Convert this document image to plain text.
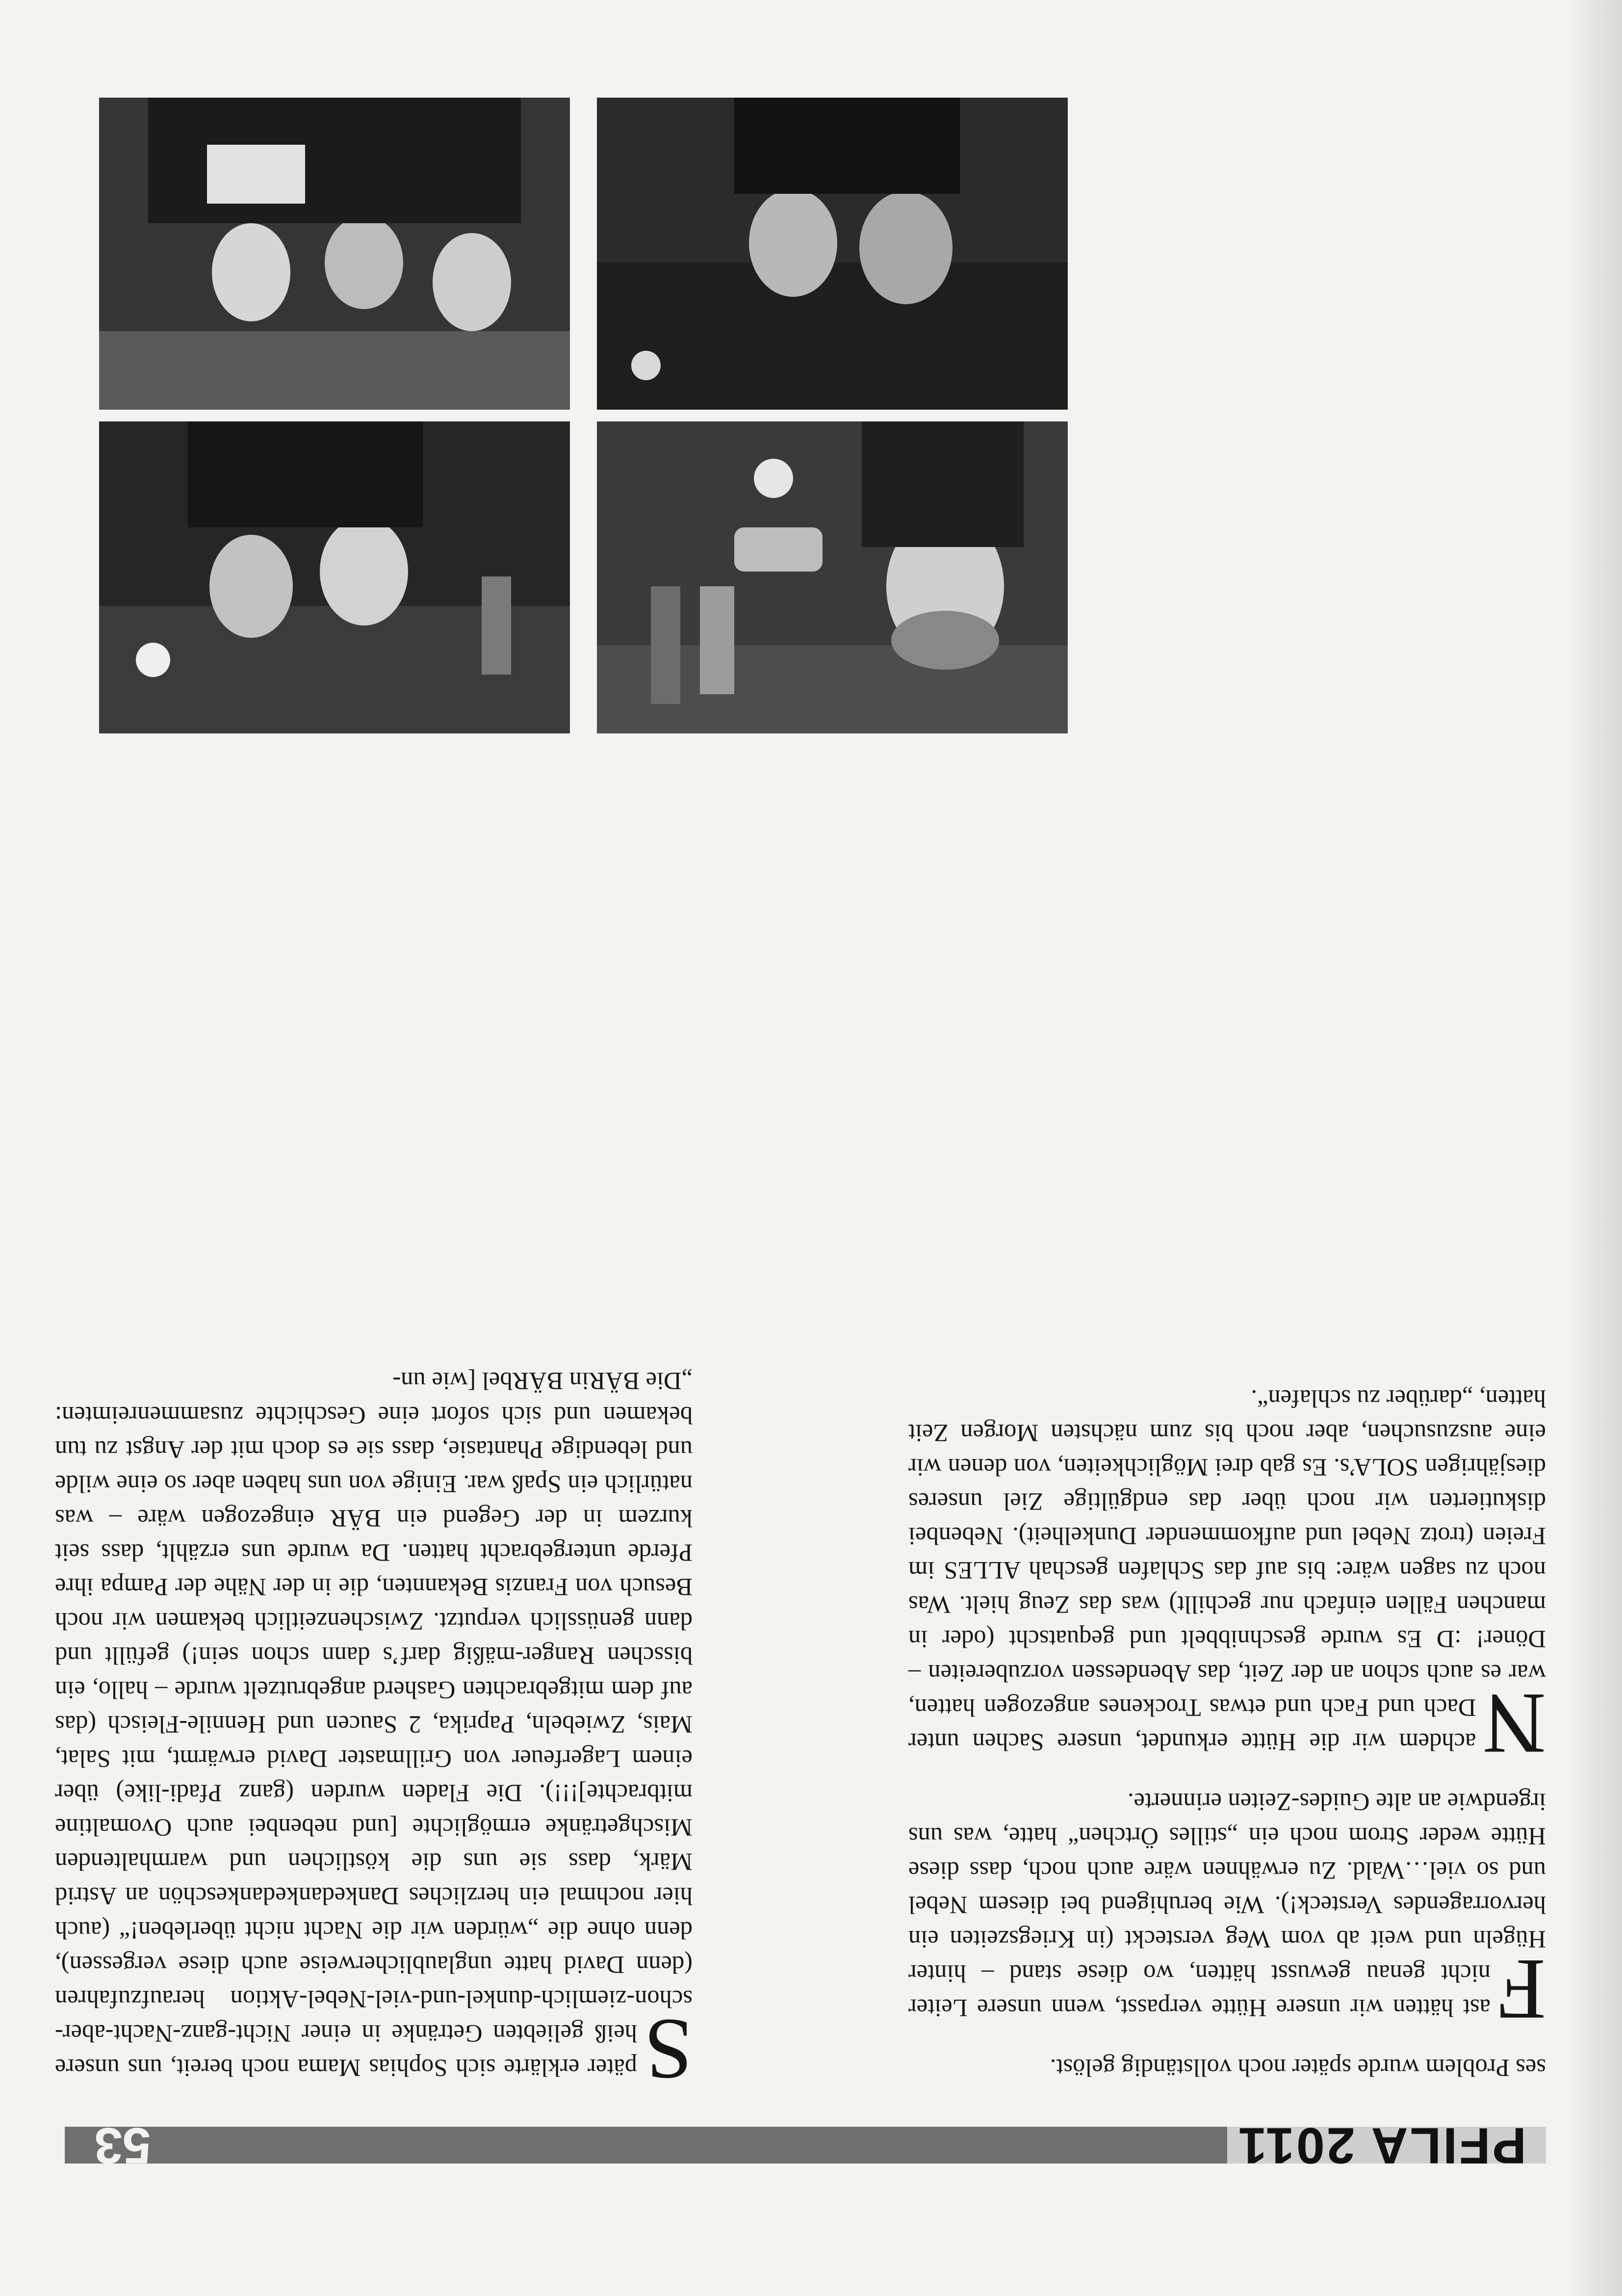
PFILA 2011
53

ses Problem wurde später noch vollständig gelöst.

F
ast hätten wir unsere Hütte verpasst, wenn unsere Leiter nicht genau gewusst hätten, wo diese stand – hinter Hügeln und weit ab vom Weg versteckt (in Kriegszeiten ein hervorragendes Versteck!). Wie beruhigend bei diesem Nebel und so viel…Wald. Zu erwähnen wäre auch noch, dass diese Hütte weder Strom noch ein „stilles Örtchen“ hatte, was uns irgendwie an alte Guides-Zeiten erinnerte.

N
achdem wir die Hütte erkundet, unsere Sachen unter Dach und Fach und etwas Trockenes angezogen hatten, war es auch schon an der Zeit, das Abendessen vorzubereiten – Döner! :D Es wurde geschnibbelt und gequatscht (oder in manchen Fällen einfach nur gechillt) was das Zeug hielt. Was noch zu sagen wäre: bis auf das Schlafen geschah ALLES im Freien (trotz Nebel und aufkommender Dunkelheit). Nebenbei diskutierten wir noch über das endgültige Ziel unseres diesjährigen SOLA’s. Es gab drei Möglichkeiten, von denen wir eine auszusuchen, aber noch bis zum nächsten Morgen Zeit hatten, „darüber zu schlafen“.

S
päter erklärte sich Sophias Mama noch bereit, uns unsere heiß geliebten Getränke in einer Nicht-ganz-Nacht-aber-schon-ziemlich-dunkel-und-viel-Nebel-Aktion heraufzufahren (denn David hatte unglaublicherweise auch diese vergessen), denn ohne die „würden wir die Nacht nicht überleben!“ (auch hier nochmal ein herzliches Dankedankedankeschön an Astrid Märk, dass sie uns die köstlichen und warmhaltenden Mischgetränke ermöglichte [und nebenbei auch Ovomaltine mitbrachte]!!!). Die Fladen wurden (ganz Pfadi-like) über einem Lagerfeuer von Grillmaster David erwärmt, mit Salat, Mais, Zwiebeln, Paprika, 2 Saucen und Hennile-Fleisch (das auf dem mitgebrachten Gasherd angebrutzelt wurde – hallo, ein bisschen Ranger-mäßig darf’s dann schon sein!) gefüllt und dann genüsslich verputzt. Zwischenzeitlich bekamen wir noch Besuch von Franzis Bekannten, die in der Nähe der Pampa ihre Pferde untergebracht hatten. Da wurde uns erzählt, dass seit kurzem in der Gegend ein BÄR eingezogen wäre – was natürlich ein Spaß war. Einige von uns haben aber so eine wilde und lebendige Phantasie, dass sie es doch mit der Angst zu tun bekamen und sich sofort eine Geschichte zusammenreimten: „Die BÄRin BÄRbel [wie un-
